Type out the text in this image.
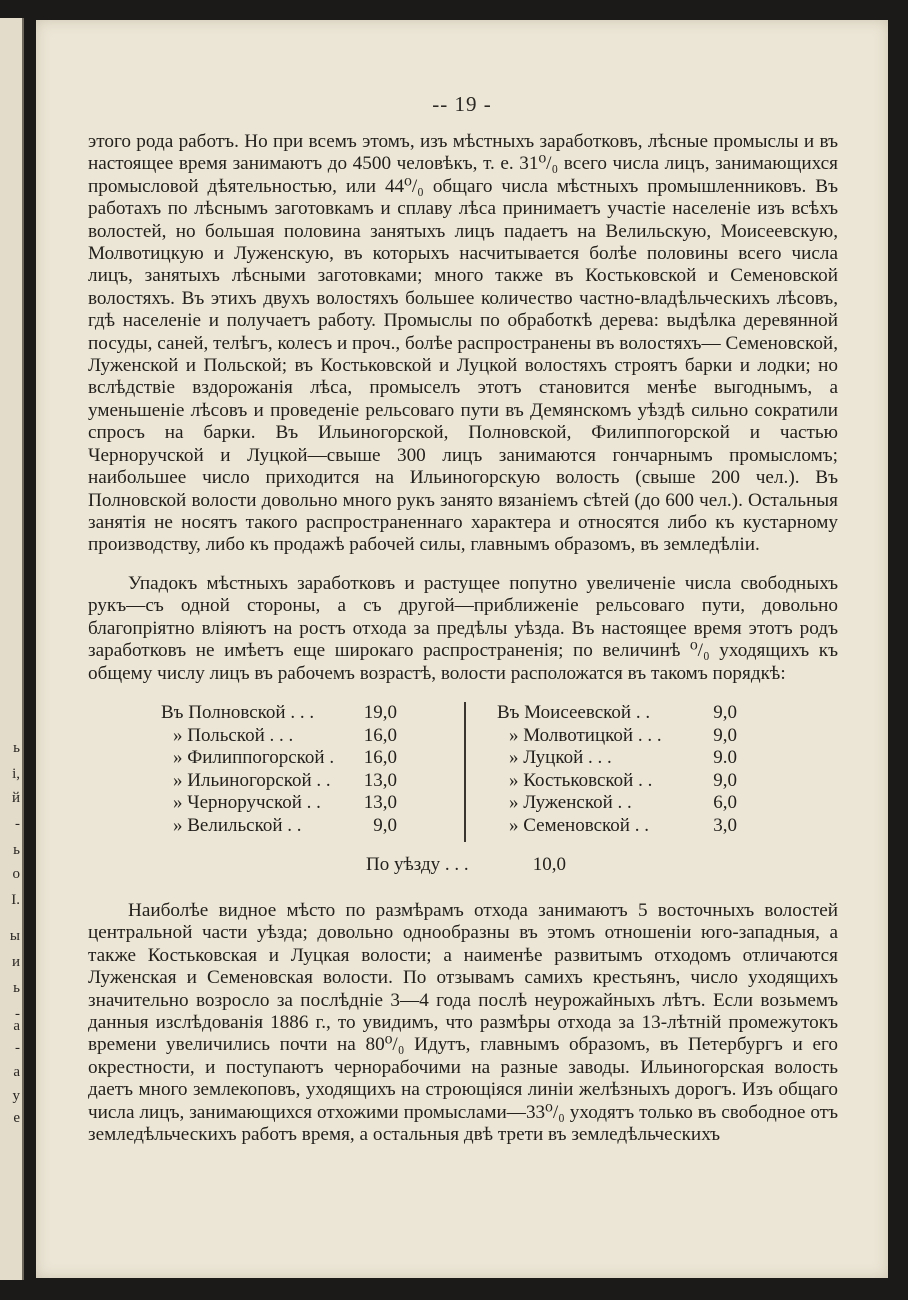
ь
і,
й
-
ь
о
І.
ы
и
ь
-
а
-
а
у
е
-- 19 -

этого рода работъ. Но при всемъ этомъ, изъ мѣстныхъ заработковъ, лѣсные промыслы и въ настоящее время занимаютъ до 4500 человѣкъ, т. е. 31⁰/₀ всего числа лицъ, занимающихся промысловой дѣятельностью, или 44⁰/₀ общаго числа мѣстныхъ промышленниковъ. Въ работахъ по лѣснымъ заготовкамъ и сплаву лѣса принимаетъ участіе населеніе изъ всѣхъ волостей, но большая половина занятыхъ лицъ падаетъ на Велильскую, Моисеевскую, Молвотицкую и Луженскую, въ которыхъ насчитывается болѣе половины всего числа лицъ, занятыхъ лѣсными заготовками; много также въ Костьковской и Семеновской волостяхъ. Въ этихъ двухъ волостяхъ большее количество частно-владѣльческихъ лѣсовъ, гдѣ населеніе и получаетъ работу. Промыслы по обработкѣ дерева: выдѣлка деревянной посуды, саней, телѣгъ, колесъ и проч., болѣе распространены въ волостяхъ— Семеновской, Луженской и Польской; въ Костьковской и Луцкой волостяхъ строятъ барки и лодки; но вслѣдствіе вздорожанія лѣса, промыселъ этотъ становится менѣе выгоднымъ, а уменьшеніе лѣсовъ и проведеніе рельсоваго пути въ Демянскомъ уѣздѣ сильно сократили спросъ на барки. Въ Ильиногорской, Полновской, Филиппогорской и частью Черноручской и Луцкой—свыше 300 лицъ занимаются гончарнымъ промысломъ; наибольшее число приходится на Ильиногорскую волость (свыше 200 чел.). Въ Полновской волости довольно много рукъ занято вязаніемъ сѣтей (до 600 чел.). Остальныя занятія не носятъ такого распространеннаго характера и относятся либо къ кустарному производству, либо къ продажѣ рабочей силы, главнымъ образомъ, въ земледѣліи.

Упадокъ мѣстныхъ заработковъ и растущее попутно увеличеніе числа свободныхъ рукъ—съ одной стороны, а съ другой—приближеніе рельсоваго пути, довольно благопріятно вліяютъ на ростъ отхода за предѣлы уѣзда. Въ настоящее время этотъ родъ заработковъ не имѣетъ еще широкаго распространенія; по величинѣ ⁰/₀ уходящихъ къ общему числу лицъ въ рабочемъ возрастѣ, волости расположатся въ такомъ порядкѣ:

Въ Полновской . . .	19,0
» Польской . . .	16,0
» Филиппогорской .	16,0
» Ильиногорской . .	13,0
» Черноручской . .	13,0
» Велильской . .	9,0
Въ Моисеевской . .	9,0
» Молвотицкой . . .	9,0
» Луцкой . . .	9.0
» Костьковской . .	9,0
» Луженской . .	6,0
» Семеновской . .	3,0
По уѣзду . . .	10,0

Наиболѣе видное мѣсто по размѣрамъ отхода занимаютъ 5 восточныхъ волостей центральной части уѣзда; довольно однообразны въ этомъ отношеніи юго-западныя, а также Костьковская и Луцкая волости; а наименѣе развитымъ отходомъ отличаются Луженская и Семеновская волости. По отзывамъ самихъ крестьянъ, число уходящихъ значительно возросло за послѣдніе 3—4 года послѣ неурожайныхъ лѣтъ. Если возьмемъ данныя изслѣдованія 1886 г., то увидимъ, что размѣры отхода за 13-лѣтній промежутокъ времени увеличились почти на 80⁰/₀ Идутъ, главнымъ образомъ, въ Петербургъ и его окрестности, и поступаютъ чернорабочими на разные заводы. Ильиногорская волость даетъ много землекоповъ, уходящихъ на строющіяся линіи желѣзныхъ дорогъ. Изъ общаго числа лицъ, занимающихся отхожими промыслами—33⁰/₀ уходятъ только въ свободное отъ земледѣльческихъ работъ время, а остальныя двѣ трети въ земледѣльческихъ
